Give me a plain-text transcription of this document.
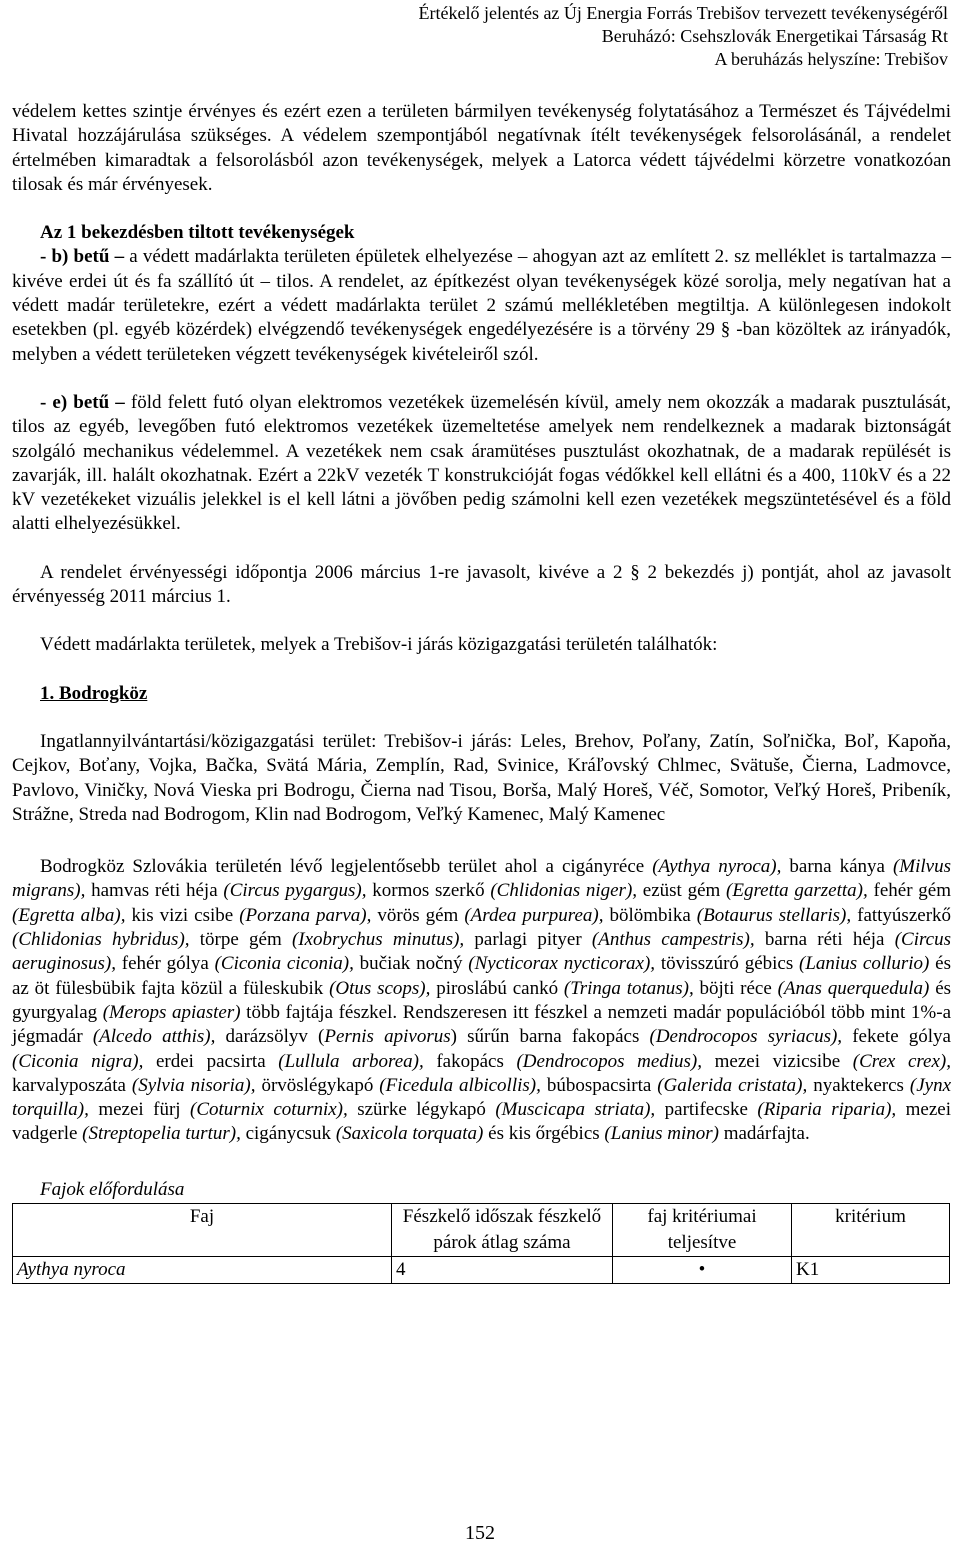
Értékelő jelentés az Új Energia Forrás Trebišov tervezett tevékenységéről
Beruházó: Csehszlovák Energetikai Társaság Rt
A beruházás helyszíne: Trebišov

védelem kettes szintje érvényes és ezért ezen a területen bármilyen tevékenység folytatásához a Természet és Tájvédelmi Hivatal hozzájárulása szükséges. A védelem szempontjából negatívnak ítélt tevékenységek felsorolásánál, a rendelet értelmében kimaradtak a felsorolásból azon tevékenységek, melyek a Latorca védett tájvédelmi körzetre vonatkozóan tilosak és már érvényesek.

Az 1 bekezdésben tiltott tevékenységek

- b) betű – a védett madárlakta területen épületek elhelyezése – ahogyan azt az említett 2. sz melléklet is tartalmazza – kivéve erdei út és fa szállító út – tilos. A rendelet, az építkezést olyan tevékenységek közé sorolja, mely negatívan hat a védett madár területekre, ezért a védett madárlakta terület 2 számú mellékletében megtiltja. A különlegesen indokolt esetekben (pl. egyéb közérdek) elvégzendő tevékenységek engedélyezésére is a törvény 29 § -ban közöltek az irányadók, melyben a védett területeken végzett tevékenységek kivételeiről szól.

- e) betű – föld felett futó olyan elektromos vezetékek üzemelésén kívül, amely nem okozzák a madarak pusztulását, tilos az egyéb, levegőben futó elektromos vezetékek üzemeltetése amelyek nem rendelkeznek a madarak biztonságát szolgáló mechanikus védelemmel. A vezetékek nem csak áramütéses pusztulást okozhatnak, de a madarak repülését is zavarják, ill. halált okozhatnak. Ezért a 22kV vezeték T konstrukcióját fogas védőkkel kell ellátni és a 400, 110kV és a 22 kV vezetékeket vizuális jelekkel is el kell látni a jövőben pedig számolni kell ezen vezetékek megszüntetésével és a föld alatti elhelyezésükkel.

A rendelet érvényességi időpontja 2006 március 1-re javasolt, kivéve a 2 § 2 bekezdés j) pontját, ahol az javasolt érvényesség 2011 március 1.

Védett madárlakta területek, melyek a Trebišov-i járás közigazgatási területén találhatók:

1. Bodrogköz

Ingatlannyilvántartási/közigazgatási terület: Trebišov-i járás: Leles, Brehov, Poľany, Zatín, Soľnička, Boľ, Kapoňa, Cejkov, Boťany, Vojka, Bačka, Svätá Mária, Zemplín, Rad, Svinice, Kráľovský Chlmec, Svätuše, Čierna, Ladmovce, Pavlovo, Viničky, Nová Vieska pri Bodrogu, Čierna nad Tisou, Borša, Malý Horeš, Véč, Somotor, Veľký Horeš, Pribeník, Strážne, Streda nad Bodrogom, Klin nad Bodrogom, Veľký Kamenec, Malý Kamenec

Bodrogköz Szlovákia területén lévő legjelentősebb terület ahol a cigányréce (Aythya nyroca), barna kánya (Milvus migrans), hamvas réti héja (Circus pygargus), kormos szerkő (Chlidonias niger), ezüst gém (Egretta garzetta), fehér gém (Egretta alba), kis vizi csibe (Porzana parva), vörös gém (Ardea purpurea), bölömbika (Botaurus stellaris), fattyúszerkő (Chlidonias hybridus), törpe gém (Ixobrychus minutus), parlagi pityer (Anthus campestris), barna réti héja (Circus aeruginosus), fehér gólya (Ciconia ciconia), bučiak nočný (Nycticorax nycticorax), tövisszúró gébics (Lanius collurio) és az öt fülesbübik fajta közül a füleskubik (Otus scops), piroslábú cankó (Tringa totanus), böjti réce (Anas querquedula) és gyurgyalag (Merops apiaster) több fajtája fészkel. Rendszeresen itt fészkel a nemzeti madár populációból több mint 1%-a jégmadár (Alcedo atthis), darázsölyv (Pernis apivorus) sűrűn barna fakopács (Dendrocopos syriacus), fekete gólya (Ciconia nigra), erdei pacsirta (Lullula arborea), fakopács (Dendrocopos medius), mezei vizicsibe (Crex crex), karvalyposzáta (Sylvia nisoria), örvöslégykapó (Ficedula albicollis), búbospacsirta (Galerida cristata), nyaktekercs (Jynx torquilla), mezei fürj (Coturnix coturnix), szürke légykapó (Muscicapa striata), partifecske (Riparia riparia), mezei vadgerle (Streptopelia turtur), cigánycsuk (Saxicola torquata) és kis őrgébics (Lanius minor) madárfajta.

Fajok előfordulása
Faj	Fészkelő időszak fészkelő párok átlag száma	faj kritériumai teljesítve	kritérium
Aythya nyroca	4	•	K1
152
